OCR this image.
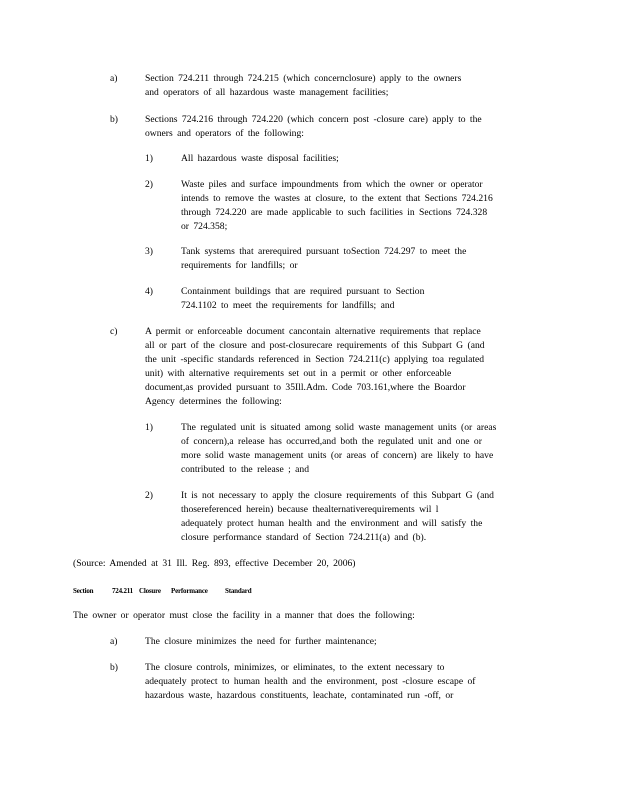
a)	Section 724.211 through 724.215 (which concernclosure) apply to the owners
and operators of all hazardous waste management facilities;
b)	Sections 724.216 through 724.220 (which concern post -closure care) apply to the
owners and operators of the following:
1)	All hazardous waste disposal facilities;
2)	Waste piles and surface impoundments from which the owner or operator
intends to remove the wastes at closure, to the extent that Sections 724.216
through 724.220 are made applicable to such facilities in Sections 724.328
or 724.358;
3)	Tank systems that arerequired pursuant toSection 724.297 to meet the
requirements for landfills; or
4)	Containment buildings that are required pursuant to Section
724.1102 to meet the requirements for landfills; and
c)	A permit or enforceable document cancontain alternative requirements that replace
all or part of the closure and post-closurecare requirements of this Subpart G (and
the unit -specific standards referenced in Section 724.211(c) applying toa regulated
unit) with alternative requirements set out in a permit or other enforceable
document,as provided pursuant to 35Ill.Adm. Code 703.161,where the Boardor
Agency determines the following:
1)	The regulated unit is situated among solid waste management units (or areas
of concern),a release has occurred,and both the regulated unit and one or
more solid waste management units (or areas of concern) are likely to have
contributed to the release ; and
2)	It is not necessary to apply the closure requirements of this Subpart G (and
thosereferenced herein) because thealternativerequirements wil l
adequately protect human health and the environment and will satisfy the
closure performance standard of Section 724.211(a) and (b).
(Source: Amended at 31 Ill. Reg. 893, effective December 20, 2006)
Section	724.211 Closure Performance Standard
The owner or operator must close the facility in a manner that does the following:
a)	The closure minimizes the need for further maintenance;
b)	The closure controls, minimizes, or eliminates, to the extent necessary to
adequately protect to human health and the environment, post -closure escape of
hazardous waste, hazardous constituents, leachate, contaminated run -off, or
